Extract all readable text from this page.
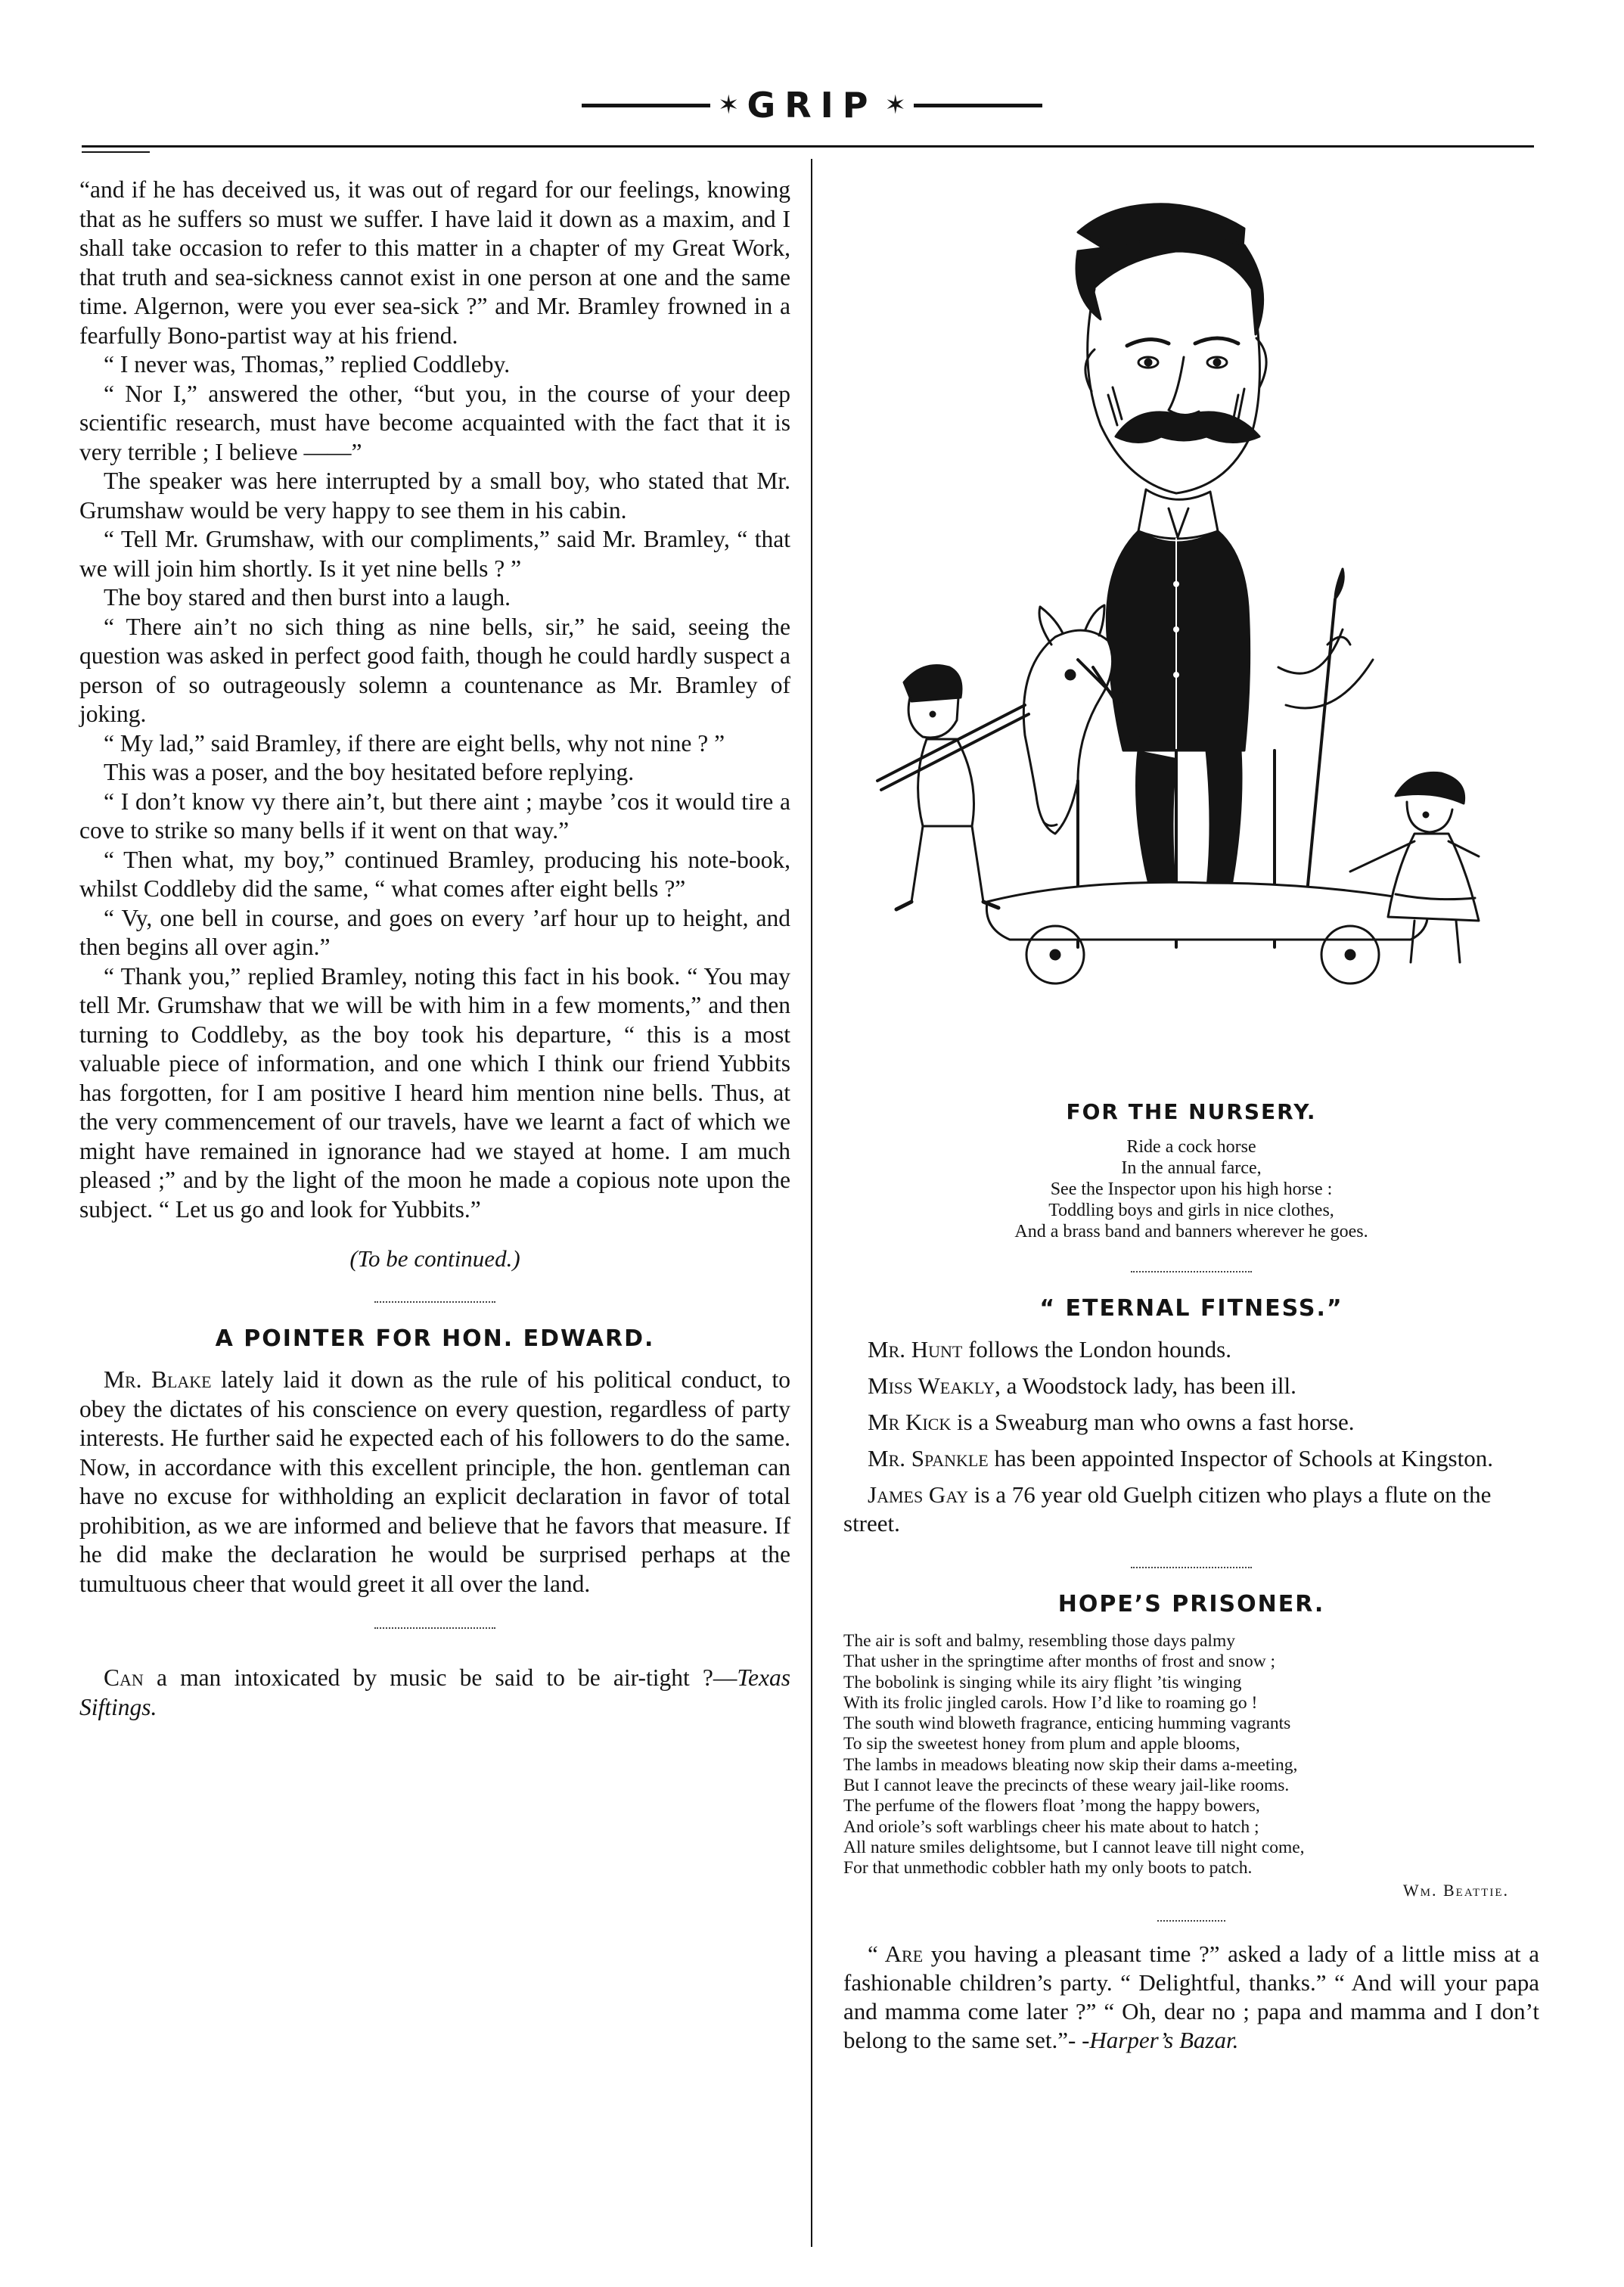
✶ GRIP ✶

“and if he has deceived us, it was out of regard for our feelings, knowing that as he suffers so must we suffer. I have laid it down as a maxim, and I shall take occasion to refer to this matter in a chapter of my Great Work, that truth and sea-sickness cannot exist in one person at one and the same time. Algernon, were you ever sea-sick ?” and Mr. Bramley frowned in a fearfully Bono-partist way at his friend.

“ I never was, Thomas,” replied Coddleby.

“ Nor I,” answered the other, “but you, in the course of your deep scientific research, must have become acquainted with the fact that it is very terrible ; I believe ——”

The speaker was here interrupted by a small boy, who stated that Mr. Grumshaw would be very happy to see them in his cabin.

“ Tell Mr. Grumshaw, with our compliments,” said Mr. Bramley, “ that we will join him shortly. Is it yet nine bells ? ”

The boy stared and then burst into a laugh.

“ There ain’t no sich thing as nine bells, sir,” he said, seeing the question was asked in perfect good faith, though he could hardly suspect a person of so outrageously solemn a countenance as Mr. Bramley of joking.

“ My lad,” said Bramley, if there are eight bells, why not nine ? ”

This was a poser, and the boy hesitated before replying.

“ I don’t know vy there ain’t, but there aint ; maybe ’cos it would tire a cove to strike so many bells if it went on that way.”

“ Then what, my boy,” continued Bramley, producing his note-book, whilst Coddleby did the same, “ what comes after eight bells ?”

“ Vy, one bell in course, and goes on every ’arf hour up to height, and then begins all over agin.”

“ Thank you,” replied Bramley, noting this fact in his book. “ You may tell Mr. Grumshaw that we will be with him in a few moments,” and then turning to Coddleby, as the boy took his departure, “ this is a most valuable piece of information, and one which I think our friend Yubbits has forgotten, for I am positive I heard him mention nine bells. Thus, at the very commencement of our travels, have we learnt a fact of which we might have remained in ignorance had we stayed at home. I am much pleased ;” and by the light of the moon he made a copious note upon the subject. “ Let us go and look for Yubbits.”

(To be continued.)
A POINTER FOR HON. EDWARD.

Mr. Blake lately laid it down as the rule of his political conduct, to obey the dictates of his conscience on every question, regardless of party interests. He further said he expected each of his followers to do the same. Now, in accordance with this excellent principle, the hon. gentleman can have no excuse for withholding an explicit declaration in favor of total prohibition, as we are informed and believe that he favors that measure. If he did make the declaration he would be surprised perhaps at the tumultuous cheer that would greet it all over the land.

Can a man intoxicated by music be said to be air-tight ?—Texas Siftings.
FOR THE NURSERY.
Ride a cock horse
In the annual farce,
See the Inspector upon his high horse :
Toddling boys and girls in nice clothes,
And a brass band and banners wherever he goes.
“ ETERNAL FITNESS.”

Mr. Hunt follows the London hounds.

Miss Weakly, a Woodstock lady, has been ill.

Mr Kick is a Sweaburg man who owns a fast horse.

Mr. Spankle has been appointed Inspector of Schools at Kingston.

James Gay is a 76 year old Guelph citizen who plays a flute on the street.

HOPE’S PRISONER.
The air is soft and balmy, resembling those days palmy
That usher in the springtime after months of frost and snow ;
The bobolink is singing while its airy flight ’tis winging
With its frolic jingled carols. How I’d like to roaming go !
The south wind bloweth fragrance, enticing humming vagrants
To sip the sweetest honey from plum and apple blooms,
The lambs in meadows bleating now skip their dams a-meeting,
But I cannot leave the precincts of these weary jail-like rooms.
The perfume of the flowers float ’mong the happy bowers,
And oriole’s soft warblings cheer his mate about to hatch ;
All nature smiles delightsome, but I cannot leave till night come,
For that unmethodic cobbler hath my only boots to patch.
Wm. Beattie.

“ Are you having a pleasant time ?” asked a lady of a little miss at a fashionable children’s party. “ Delightful, thanks.” “ And will your papa and mamma come later ?” “ Oh, dear no ; papa and mamma and I don’t belong to the same set.”- -Harper’s Bazar.
